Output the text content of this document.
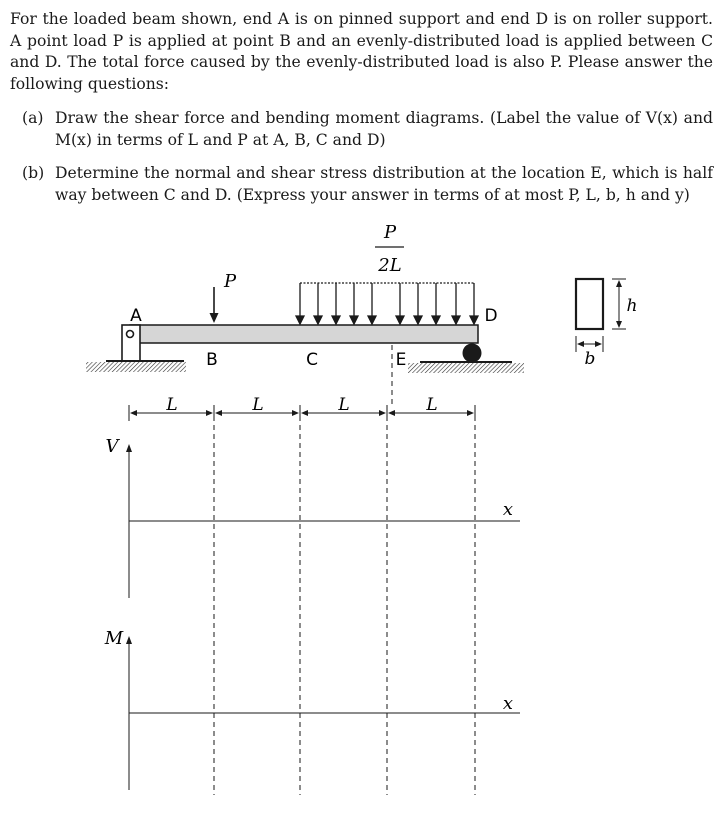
For the loaded beam shown, end A is on pinned support and end D is on roller support. A point load P is applied at point B and an evenly-distributed load is applied between C and D. The total force caused by the evenly-distributed load is also P. Please answer the following questions:
(a) Draw the shear force and bending moment diagrams. (Label the value of V(x) and M(x) in terms of L and P at A, B, C and D)
(b) Determine the normal and shear stress distribution at the location E, which is half way between C and D. (Express your answer in terms of at most P, L, b, h and y)
P
2L
P
A
B	C
D
E
h
b
L	L	L	L
V
x
M
x
